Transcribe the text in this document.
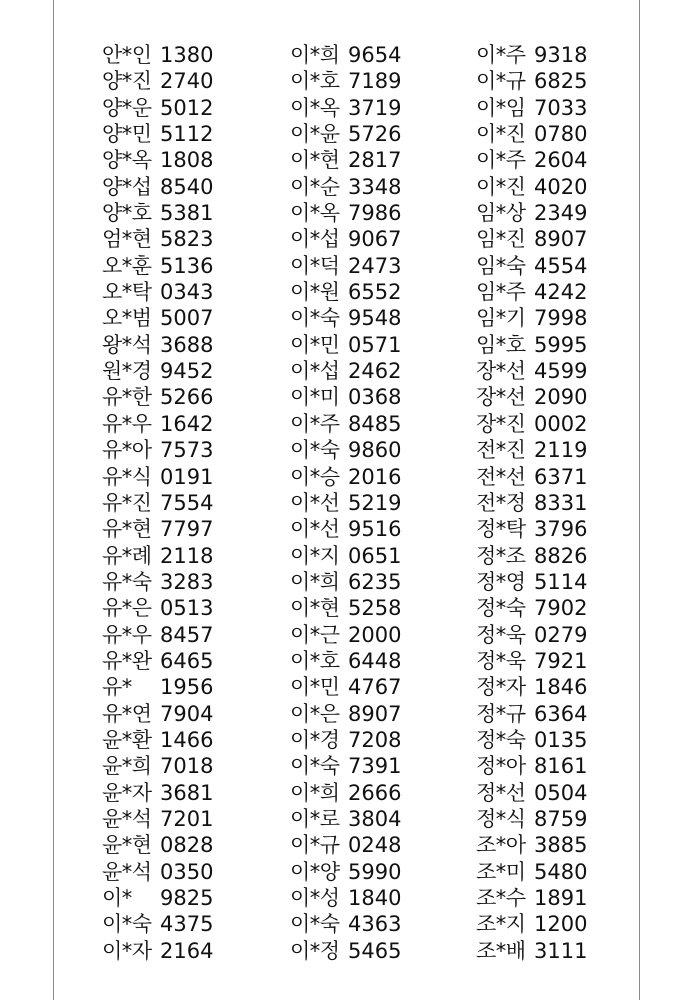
안*인 1380
양*진 2740
양*운 5012
양*민 5112
양*옥 1808
양*섭 8540
양*호 5381
엄*현 5823
오*훈 5136
오*탁 0343
오*범 5007
왕*석 3688
원*경 9452
유*한 5266
유*우 1642
유*아 7573
유*식 0191
유*진 7554
유*현 7797
유*례 2118
유*숙 3283
유*은 0513
유*우 8457
유*완 6465
유*	1956
유*연 7904
윤*환 1466
윤*희 7018
윤*자 3681
윤*석 7201
윤*현 0828
윤*석 0350
이*	9825
이*숙 4375
이*자 2164
이*희 9654
이*호 7189
이*옥 3719
이*윤 5726
이*현 2817
이*순 3348
이*옥 7986
이*섭 9067
이*덕 2473
이*원 6552
이*숙 9548
이*민 0571
이*섭 2462
이*미 0368
이*주 8485
이*숙 9860
이*승 2016
이*선 5219
이*선 9516
이*지 0651
이*희 6235
이*현 5258
이*근 2000
이*호 6448
이*민 4767
이*은 8907
이*경 7208
이*숙 7391
이*희 2666
이*로 3804
이*규 0248
이*양 5990
이*성 1840
이*숙 4363
이*정 5465
이*주 9318
이*규 6825
이*임 7033
이*진 0780
이*주 2604
이*진 4020
임*상 2349
임*진 8907
임*숙 4554
임*주 4242
임*기 7998
임*호 5995
장*선 4599
장*선 2090
장*진 0002
전*진 2119
전*선 6371
전*정 8331
정*탁 3796
정*조 8826
정*영 5114
정*숙 7902
정*욱 0279
정*욱 7921
정*자 1846
정*규 6364
정*숙 0135
정*아 8161
정*선 0504
정*식 8759
조*아 3885
조*미 5480
조*수 1891
조*지 1200
조*배 3111
